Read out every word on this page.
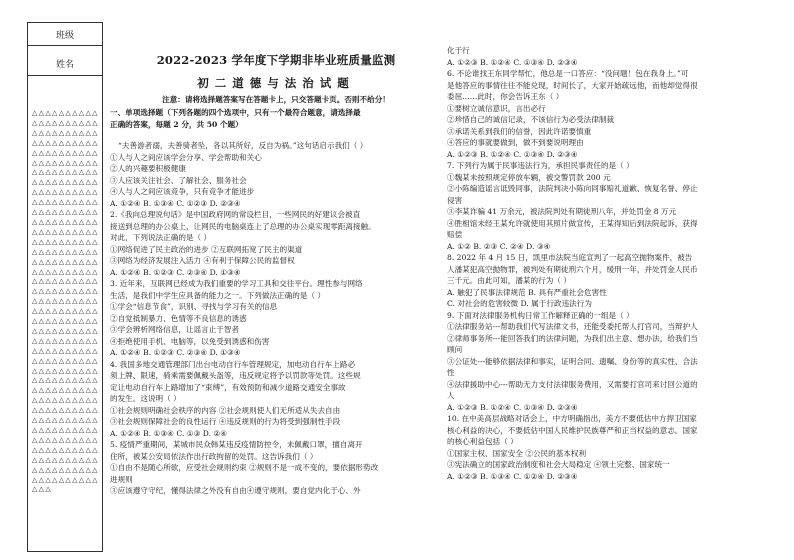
班级
姓名
△△△△△△△△△△△△△△△△△△△△△△△△△△△△△△△△△△△△△△△△△△△△△△△△△△△△△△△△△△△△△△△△△△△△△△△△△△△△△△△△△△△△△△△△△△△△△△△△△△△△△△△△△△△△△△△△△△△△△△△△△△△△△△△△△△△△△△△△△△△△△△△△△△△△△△△△△△△△△△△△△△△△△△△△△△△△△△△△△△△△△△△△△△△△△△△△△△△△△△△△△△△△△△△△△△△△△△△△△△△△△△△△△△△△△△△△△△△△△△△△△△△△△△△△△△△△△△△△△△△△△△△△△△△△△△△△△△△△△△△△△△△△△△△△△△△△△△△△△△△△△△△△△△△△△△△△△△△△△△△△△△△△△△△△△△△△△△△△△△△△△△△△△△△△△△△△△△△△△△△△△△△△△△△△△△△△△△△△△△△△△△△
2022-2023 学年度下学期非毕业班质量监测
初二道德与法治试题
注意：请将选择题答案写在答题卡上，只交答题卡页。否则不给分！

一、单项选择题（下列各题的四个选项中，只有一个最符合题意，请选择最

正确的答案，每题 2 分，共 50 个题）

“夫善游者溺，夫善骑者坠，各以其所好，反自为祸。”这句话启示我们（ ）

①人与人之间应该学会分享、学会帮助和关心

②人的兴趣要积极健康

③人应该关注社会、了解社会、服务社会

④人与人之间应该竞争，只有竞争才能进步

A. ①②④ B. ①③④ C. ①②③ D. ②③④

2.《我向总理说句话》是中国政府网的常设栏目，一些网民的好建议会被直

接送到总理的办公桌上，让网民的电脑桌连上了总理的办公桌实现零距离接触。

对此，下列说法正确的是（ ）

①网络促进了民主政治的进步 ②互联网拓宽了民主的渠道

③网络为经济发展注入活力 ④有利于保障公民的监督权

A. ①②④ B. ①②③ C. ②③④ D. ①③④

3. 近年来，互联网已经成为我们重要的学习工具和交往平台。理性参与网络

生活，是我们中学生应具备的能力之一。下列做法正确的是（ ）

①学会“信息节食”，识别、寻找与学习有关的信息

②自觉抵制暴力、色情等不良信息的诱惑

③学会辨析网络信息，让谣言止于智者

④拒绝使用手机、电脑等，以免受到诱惑和伤害

A. ①②④ B. ①②③ C. ②③④ D. ①③④

4. 我国多地交通管理部门出台电动自行车管理规定，加电动自行车上路必

须上牌、限速，骑乘需要佩戴头盔等，违反规定将予以罚款等处罚。这些规

定让电动自行车上路增加了“束缚”，有效预防和减少道路交通安全事故

的发生。这说明（ ）

①社会规则明确社会秩序的内容 ②社会规则使人们无所适从失去自由

③社会规则保障社会的良性运行 ④违反规则的行为将受到强制性手段

A. ①②④ B. ①③④ C. ①③ D. ②④

5. 疫情严重期间，某城市民众韩某违反疫情防控令，未佩戴口罩，擅自离开

住所，被某公安局依法作出行政拘留的处罚。这告诉我们（ ）

①自由不是随心所欲，应受社会规则约束 ②规则不是一成不变的，要依据形势改

进规则

③应该遵守守纪，懂得法律之外没有自由④遵守规则，要自觉内化于心、外

化于行

A. ①②③ B. ①②④ C. ①③④ D. ②③④

6. 不论谁找王东同学帮忙，他总是一口答应：“没问题！包在我身上。”可

是他答应的事情往往不能兑现，时间长了，大家开始疏远他，而他却觉得很

委屈……此时，你会告诉王东（ ）

①要树立诚信意识，言出必行

②珍惜自己的诚信记录，不该信行为必受法律制裁

③承诺关系到我们的信誉，因此许诺要慎重

④答应的事就要做到，做不到要说明理由

A. ①②③ B. ①②④ C. ①③④ D. ②③④

7. 下列行为属于民事违法行为，承担民事责任的是（ ）

①魏某未按照规定停放车辆，被交警罚款 200 元

②小陈编造谣言诋毁同事，法院判决小陈向同事赔礼道歉、恢复名誉、停止

侵害

③李某诈骗 41 万余元，被法院判处有期徒刑八年，并处罚金 8 万元

④胜相馆未经王某允许就使用其照片做宣传，王某得知后到法院起诉，获得

赔偿

A. ①② B. ②③ C. ②④ D. ③④

8. 2022 年 4 月 15 日，凯里市法院当庭宣判了一起高空抛物案件，被告

人潘某犯高空抛物罪，被判处有期徒刑六个月，缓刑一年，并处罚金人民币

三千元。由此可知，潘某的行为（ ）

A. 触犯了民事法律规范 B. 具有严重社会危害性

C. 对社会的危害较微 D. 属于行政违法行为

9. 下面对法律服务机构日常工作解释正确的一组是（ ）

①法律服务站---帮助我们代写法律文书，还能受委托帮人打官司，当辩护人

②律师事务所---能回答我们的法律问题，为我们出主意、想办法，给我们当

顾问

③公证处---能够依据法律和事实，证明合同、遗嘱、身份等的真实性、合法

性

④法律援助中心---帮助无力支付法律服务费用，又需要打官司来讨回公道的

人

A. ①②③ B. ①②④ C. ①③④ D. ②③④

10. 在中美高层战略对话会上，中方明确指出，美方不要低估中方捍卫国家

核心利益的决心，不要低估中国人民维护民族尊严和正当权益的意志。国家

的核心利益包括（ ）

①国家主权、国家安全 ②公民的基本权利

③宪法确立的国家政治制度和社会大局稳定 ④领土完整、国家统一

A. ①②③ B. ①③④ C. ①②④ D. ②③④
